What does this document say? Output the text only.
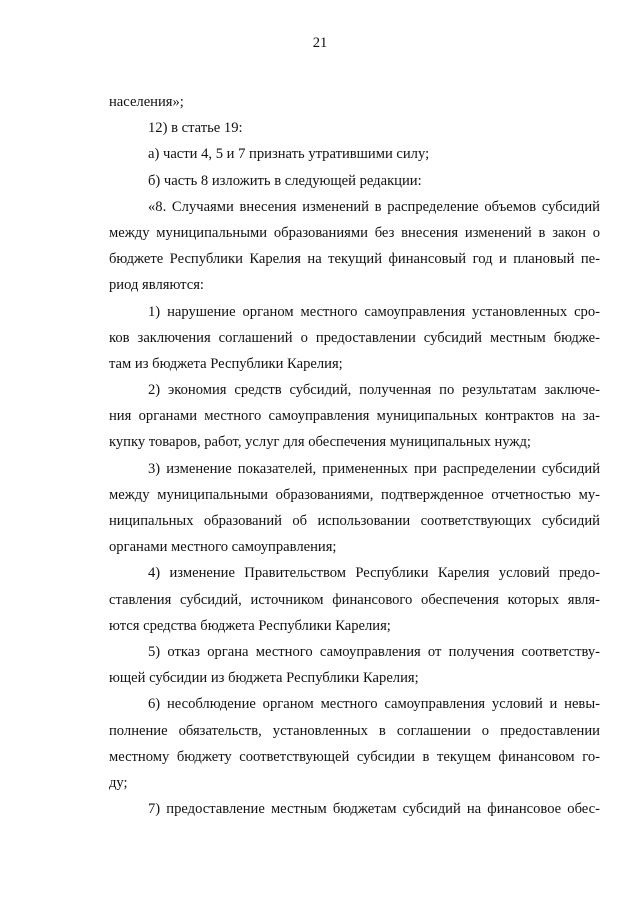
21

населения»;

12) в статье 19:

а) части 4, 5 и 7 признать утратившими силу;

б) часть 8 изложить в следующей редакции:

«8. Случаями внесения изменений в распределение объемов субсидий
между муниципальными образованиями без внесения изменений в закон о
бюджете Республики Карелия на текущий финансовый год и плановый пе-
риод являются:

1) нарушение органом местного самоуправления установленных сро-
ков заключения соглашений о предоставлении субсидий местным бюдже-
там из бюджета Республики Карелия;

2) экономия средств субсидий, полученная по результатам заключе-
ния органами местного самоуправления муниципальных контрактов на за-
купку товаров, работ, услуг для обеспечения муниципальных нужд;

3) изменение показателей, примененных при распределении субсидий
между муниципальными образованиями, подтвержденное отчетностью му-
ниципальных образований об использовании соответствующих субсидий
органами местного самоуправления;

4) изменение Правительством Республики Карелия условий предо-
ставления субсидий, источником финансового обеспечения которых явля-
ются средства бюджета Республики Карелия;

5) отказ органа местного самоуправления от получения соответству-
ющей субсидии из бюджета Республики Карелия;

6) несоблюдение органом местного самоуправления условий и невы-
полнение обязательств, установленных в соглашении о предоставлении
местному бюджету соответствующей субсидии в текущем финансовом го-
ду;

7) предоставление местным бюджетам субсидий на финансовое обес-
